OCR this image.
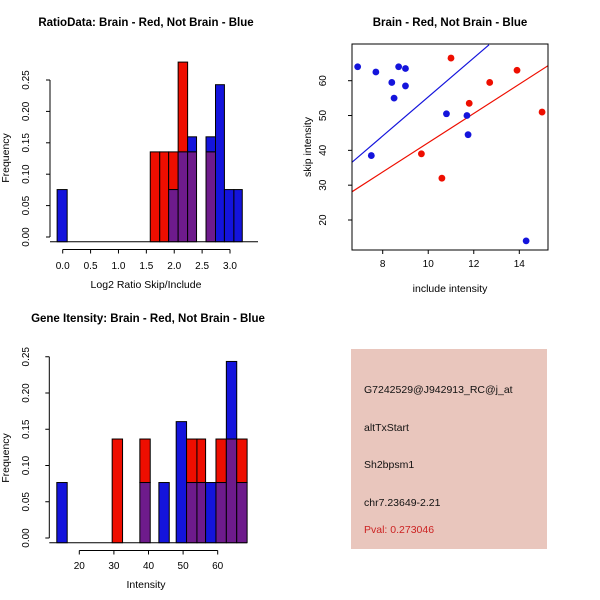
0.0 0.5 1.0 1.5 2.0 2.5 3.0
0.00
0.05
0.10
0.15
0.20
0.25
RatioData: Brain - Red, Not Brain - Blue
Log2 Ratio Skip/Include
Frequency
8	10	12	14
20
30
40
50
60
Brain - Red, Not Brain - Blue
include intensity
skip intensity
20 30 40 50 60
0.00
0.05
0.10
0.15
0.20
0.25
Gene Itensity: Brain - Red, Not Brain - Blue
Intensity
Frequency
G7242529@J942913_RC@j_at
altTxStart
Sh2bpsm1
chr7.23649-2.21
Pval: 0.273046
